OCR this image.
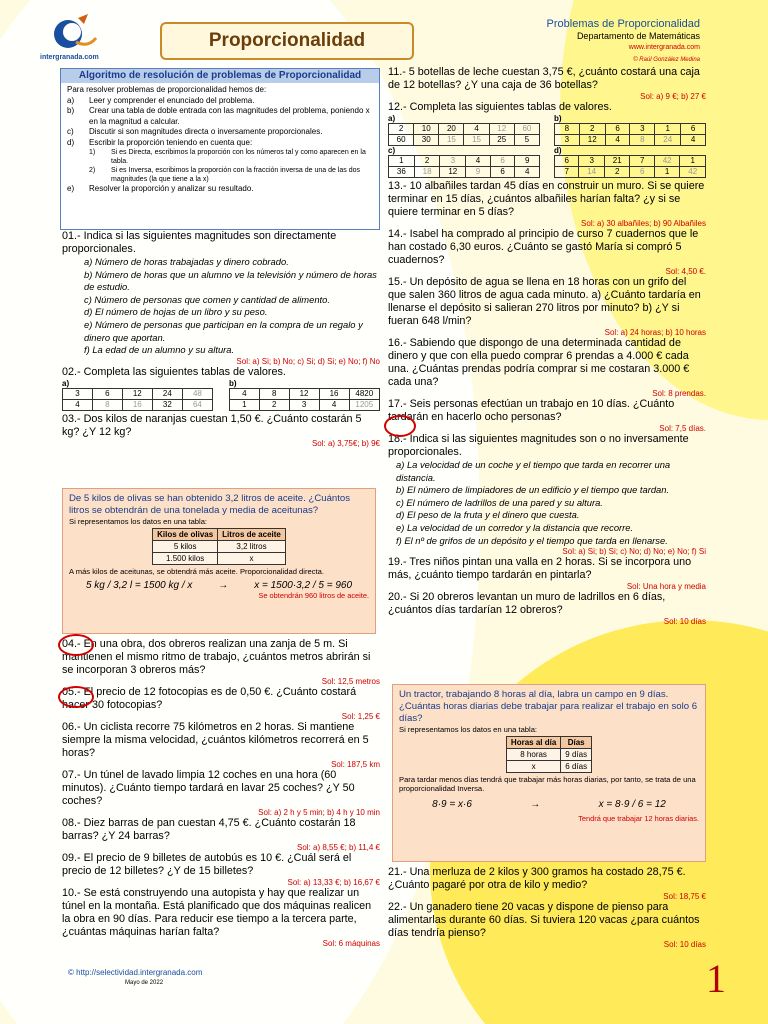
intergranada.com
Proporcionalidad
Problemas de Proporcionalidad
Departamento de Matemáticas
www.intergranada.com
© Raúl González Medina
Algoritmo de resolución de problemas de Proporcionalidad
Para resolver problemas de proporcionalidad hemos de:
a)	Leer y comprender el enunciado del problema.
b)	Crear una tabla de doble entrada con las magnitudes del problema, poniendo x en la magnitud a calcular.
c)	Discutir si son magnitudes directa o inversamente proporcionales.
d)	Escribir la proporción teniendo en cuenta que:
1)	Si es Directa, escribimos la proporción con los números tal y como aparecen en la tabla.
2)	Si es Inversa, escribimos la proporción con la fracción inversa de una de las dos magnitudes (la que tiene a la x)
e)	Resolver la proporción y analizar su resultado.
01.- Indica si las siguientes magnitudes son directamente proporcionales.
a) Número de horas trabajadas y dinero cobrado.
b) Número de horas que un alumno ve la televisión y número de horas de estudio.
c) Número de personas que comen y cantidad de alimento.
d) El número de hojas de un libro y su peso.
e) Número de personas que participan en la compra de un regalo y dinero que aportan.
f) La edad de un alumno y su altura.
Sol: a) Si; b) No; c) Si; d) Si; e) No; f) No
02.- Completa las siguientes tablas de valores.
a)
3	6	12	24	48
4	8	16	32	64
b)
4	8	12	16	4820
1	2	3	4	1205
03.- Dos kilos de naranjas cuestan 1,50 €. ¿Cuánto costarán 5 kg? ¿Y 12 kg?
Sol: a) 3,75€; b) 9€
De 5 kilos de olivas se han obtenido 3,2 litros de aceite. ¿Cuántos litros se obtendrán de una tonelada y media de aceitunas?
Si representamos los datos en una tabla:
Kilos de olivas	Litros de aceite
5 kilos	3,2 litros
1.500 kilos	x
A más kilos de aceitunas, se obtendrá más aceite. Proporcionalidad directa.
5 kg / 3,2 l = 1500 kg / x	→	x = 1500·3,2 / 5 = 960
Se obtendrán 960 litros de aceite.
04.- En una obra, dos obreros realizan una zanja de 5 m. Si mantienen el mismo ritmo de trabajo, ¿cuántos metros abrirán si se incorporan 3 obreros más?
Sol: 12,5 metros
05.- El precio de 12 fotocopias es de 0,50 €. ¿Cuánto costará hacer 30 fotocopias?
Sol: 1,25 €
06.- Un ciclista recorre 75 kilómetros en 2 horas. Si mantiene siempre la misma velocidad, ¿cuántos kilómetros recorrerá en 5 horas?
Sol: 187,5 km
07.- Un túnel de lavado limpia 12 coches en una hora (60 minutos). ¿Cuánto tiempo tardará en lavar 25 coches? ¿Y 50 coches?
Sol: a) 2 h y 5 min; b) 4 h y 10 min
08.- Diez barras de pan cuestan 4,75 €. ¿Cuánto costarán 18 barras? ¿Y 24 barras?
Sol: a) 8,55 €; b) 11,4 €
09.- El precio de 9 billetes de autobús es 10 €. ¿Cuál será el precio de 12 billetes? ¿Y de 15 billetes?
Sol: a) 13,33 €; b) 16,67 €
10.- Se está construyendo una autopista y hay que realizar un túnel en la montaña. Está planificado que dos máquinas realicen la obra en 90 días. Para reducir ese tiempo a la tercera parte, ¿cuántas máquinas harían falta?
Sol: 6 máquinas
11.- 5 botellas de leche cuestan 3,75 €, ¿cuánto costará una caja de 12 botellas? ¿Y una caja de 36 botellas?
Sol: a) 9 €; b) 27 €
12.- Completa las siguientes tablas de valores.
a)
2	10	20	4	12	60
60	30	15	15	25	5
b)
8	2	6	3	1	6
3	12	4	8	24	4
c)
1	2	3	4	6	9
36	18	12	9	6	4
d)
6	3	21	7	42	1
7	14	2	6	1	42
13.- 10 albañiles tardan 45 días en construir un muro. Si se quiere terminar en 15 días, ¿cuántos albañiles harían falta? ¿y si se quiere terminar en 5 días?
Sol: a) 30 albañiles; b) 90 Albañiles
14.- Isabel ha comprado al principio de curso 7 cuadernos que le han costado 6,30 euros. ¿Cuánto se gastó María si compró 5 cuadernos?
Sol: 4,50 €.
15.- Un depósito de agua se llena en 18 horas con un grifo del que salen 360 litros de agua cada minuto. a) ¿Cuánto tardaría en llenarse el depósito si salieran 270 litros por minuto? b) ¿Y si fueran 648 l/min?
Sol: a) 24 horas; b) 10 horas
16.- Sabiendo que dispongo de una determinada cantidad de dinero y que con ella puedo comprar 6 prendas a 4.000 € cada una. ¿Cuántas prendas podría comprar si me costaran 3.000 € cada una?
Sol: 8 prendas.
17.- Seis personas efectúan un trabajo en 10 días. ¿Cuánto tardarán en hacerlo ocho personas?
Sol: 7,5 días.
18.- Indica si las siguientes magnitudes son o no inversamente proporcionales.
a) La velocidad de un coche y el tiempo que tarda en recorrer una distancia.
b) El número de limpiadores de un edificio y el tiempo que tardan.
c) El número de ladrillos de una pared y su altura.
d) El peso de la fruta y el dinero que cuesta.
e) La velocidad de un corredor y la distancia que recorre.
f) El nº de grifos de un depósito y el tiempo que tarda en llenarse.
Sol: a) Si; b) Si; c) No; d) No; e) No; f) Si
19.- Tres niños pintan una valla en 2 horas. Si se incorpora uno más, ¿cuánto tiempo tardarán en pintarla?
Sol: Una hora y media
20.- Si 20 obreros levantan un muro de ladrillos en 6 días, ¿cuántos días tardarían 12 obreros?
Sol: 10 días
Un tractor, trabajando 8 horas al día, labra un campo en 9 días. ¿Cuántas horas diarias debe trabajar para realizar el trabajo en solo 6 días?
Si representamos los datos en una tabla:
Horas al día	Días
8 horas	9 días
x	6 días
Para tardar menos días tendrá que trabajar más horas diarias, por tanto, se trata de una proporcionalidad Inversa.
8·9 = x·6	→	x = 8·9 / 6 = 12
Tendrá que trabajar 12 horas diarias.
21.- Una merluza de 2 kilos y 300 gramos ha costado 28,75 €. ¿Cuánto pagaré por otra de kilo y medio?
Sol: 18,75 €
22.- Un ganadero tiene 20 vacas y dispone de pienso para alimentarlas durante 60 días. Si tuviera 120 vacas ¿para cuántos días tendría pienso?
Sol: 10 días
© http://selectividad.intergranada.com
Mayo de 2022	1
